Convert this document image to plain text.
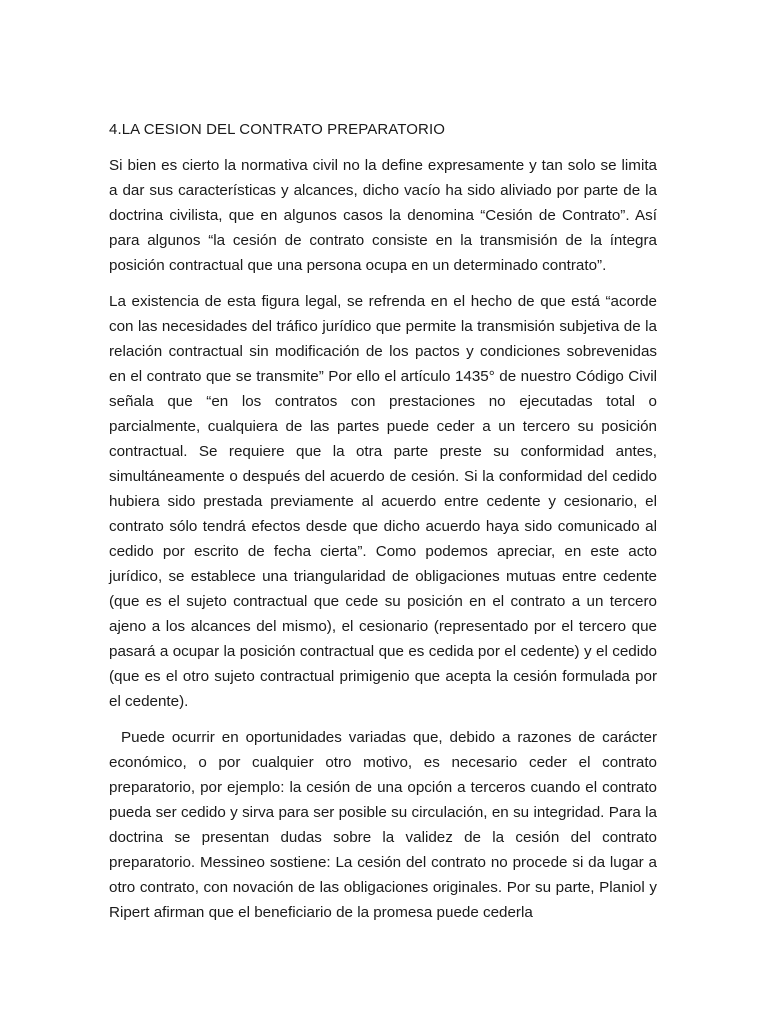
4.LA CESION DEL CONTRATO PREPARATORIO

Si bien es cierto la normativa civil no la define expresamente y tan solo se limita a dar sus características y alcances, dicho vacío ha sido aliviado por parte de la doctrina civilista, que en algunos casos la denomina “Cesión de Contrato”. Así para algunos “la cesión de contrato consiste en la transmisión de la íntegra posición contractual que una persona ocupa en un determinado contrato”.

La existencia de esta figura legal, se refrenda en el hecho de que está “acorde con las necesidades del tráfico jurídico que permite la transmisión subjetiva de la relación contractual sin modificación de los pactos y condiciones sobrevenidas en el contrato que se transmite” Por ello el artículo 1435° de nuestro Código Civil señala que “en los contratos con prestaciones no ejecutadas total o parcialmente, cualquiera de las partes puede ceder a un tercero su posición contractual. Se requiere que la otra parte preste su conformidad antes, simultáneamente o después del acuerdo de cesión. Si la conformidad del cedido hubiera sido prestada previamente al acuerdo entre cedente y cesionario, el contrato sólo tendrá efectos desde que dicho acuerdo haya sido comunicado al cedido por escrito de fecha cierta”. Como podemos apreciar, en este acto jurídico, se establece una triangularidad de obligaciones mutuas entre cedente (que es el sujeto contractual que cede su posición en el contrato a un tercero ajeno a los alcances del mismo), el cesionario (representado por el tercero que pasará a ocupar la posición contractual que es cedida por el cedente) y el cedido (que es el otro sujeto contractual primigenio que acepta la cesión formulada por el cedente).

Puede ocurrir en oportunidades variadas que, debido a razones de carácter económico, o por cualquier otro motivo, es necesario ceder el contrato preparatorio, por ejemplo: la cesión de una opción a terceros cuando el contrato pueda ser cedido y sirva para ser posible su circulación, en su integridad. Para la doctrina se presentan dudas sobre la validez de la cesión del contrato preparatorio. Messineo sostiene: La cesión del contrato no procede si da lugar a otro contrato, con novación de las obligaciones originales. Por su parte, Planiol y Ripert afirman que el beneficiario de la promesa puede cederla
